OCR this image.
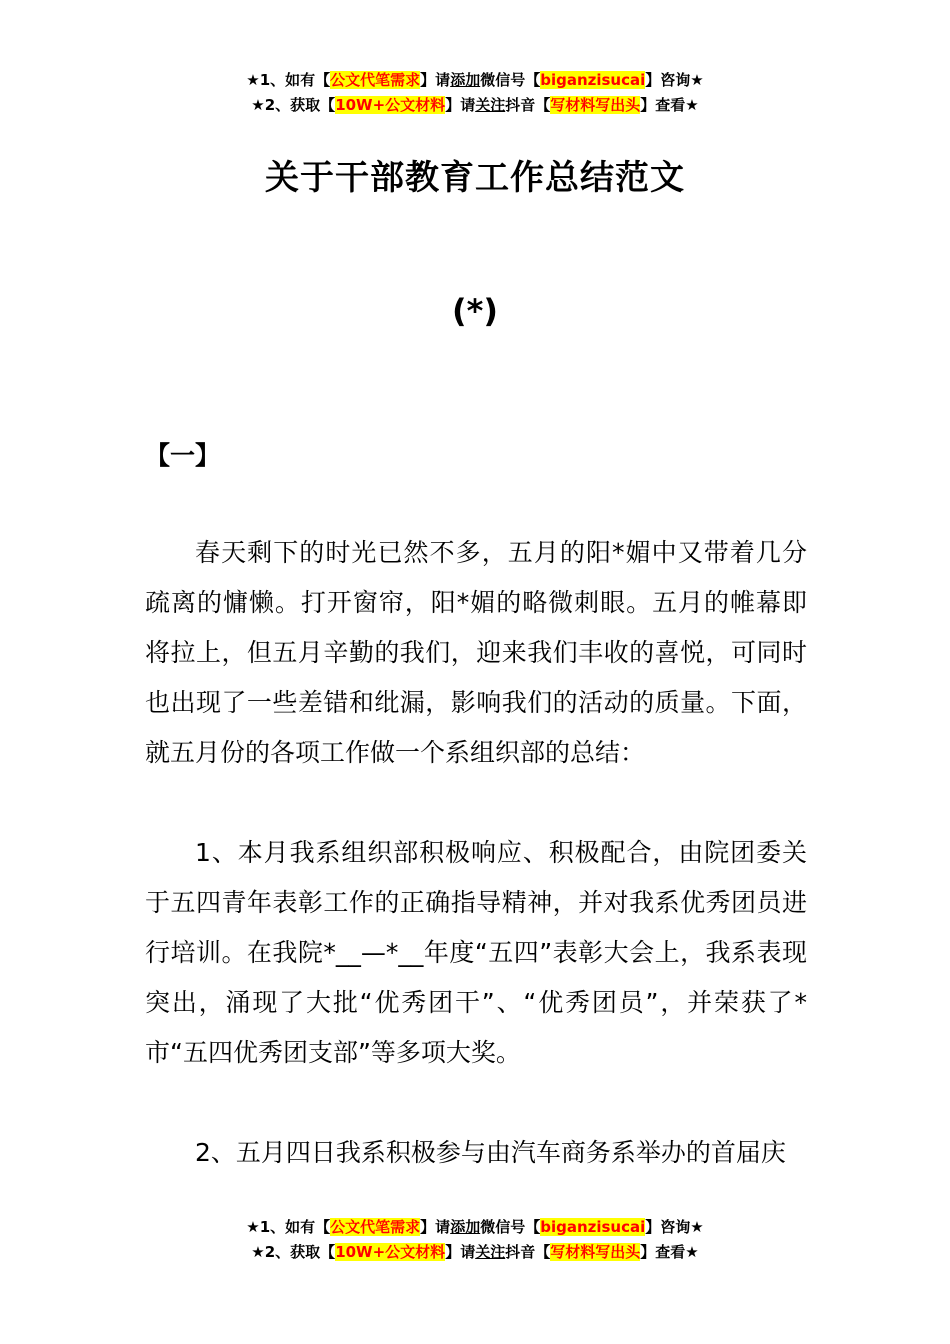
★1、如有【公文代笔需求】请添加微信号【biganzisucai】咨询★
★2、获取【10W+公文材料】请关注抖音【写材料写出头】查看★
关于干部教育工作总结范文
(*)
【一】

春天剩下的时光已然不多，五月的阳*媚中又带着几分疏离的慵懒。打开窗帘，阳*媚的略微刺眼。五月的帷幕即将拉上，但五月辛勤的我们，迎来我们丰收的喜悦，可同时也出现了一些差错和纰漏，影响我们的活动的质量。下面，就五月份的各项工作做一个系组织部的总结：

1、本月我系组织部积极响应、积极配合，由院团委关于五四青年表彰工作的正确指导精神，并对我系优秀团员进行培训。在我院*__—*__年度“五四”表彰大会上，我系表现突出，涌现了大批“优秀团干”、“优秀团员”，并荣获了*市“五四优秀团支部”等多项大奖。

2、五月四日我系积极参与由汽车商务系举办的首届庆

★1、如有【公文代笔需求】请添加微信号【biganzisucai】咨询★
★2、获取【10W+公文材料】请关注抖音【写材料写出头】查看★
